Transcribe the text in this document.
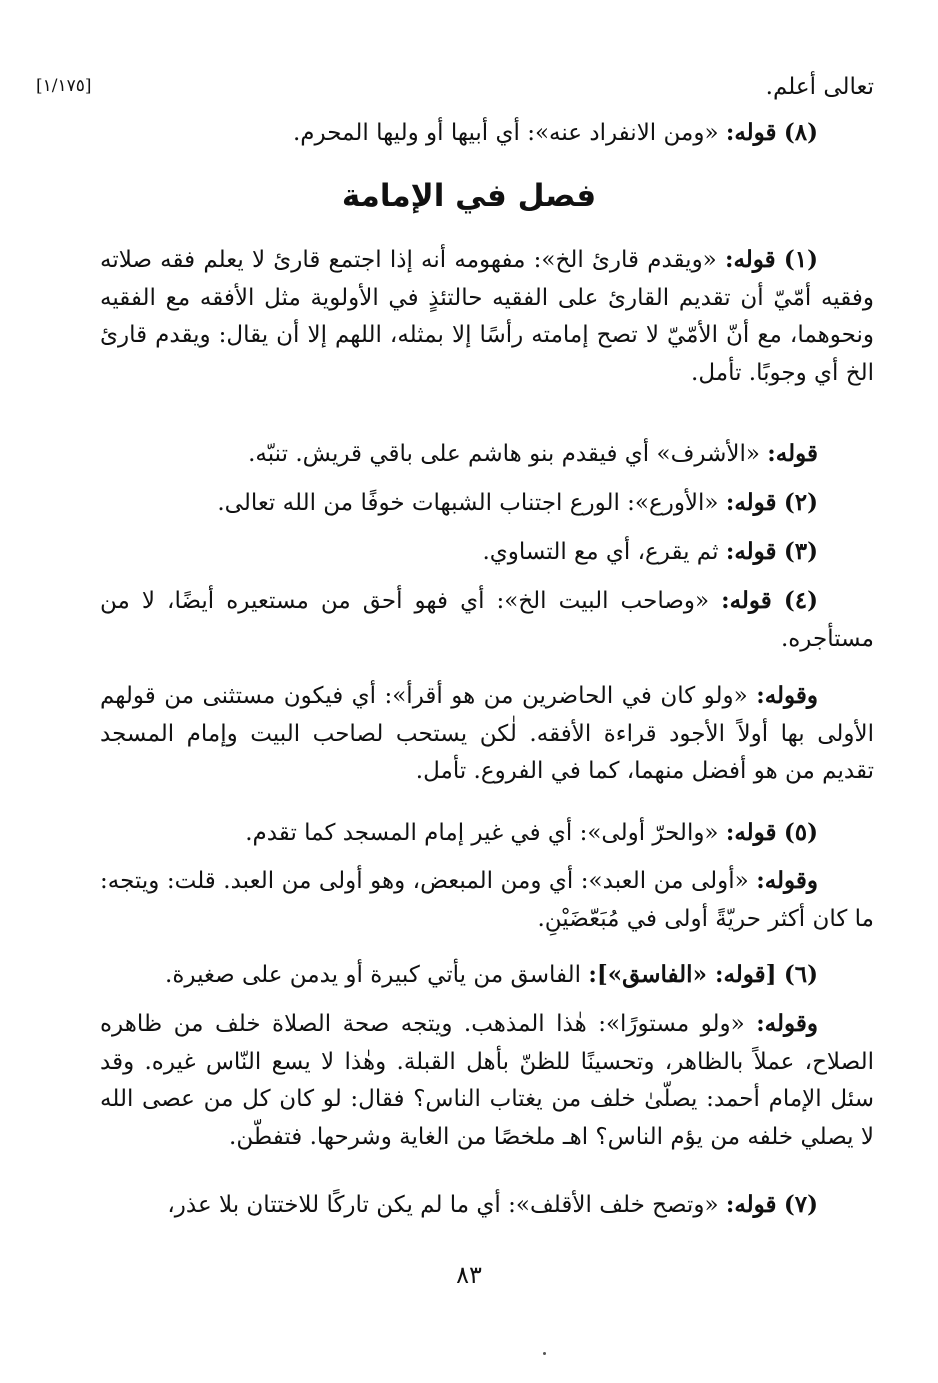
[١/١٧٥]	تعالى أعلم.
(٨) قوله: «ومن الانفراد عنه»: أي أبيها أو وليها المحرم.
فصل في الإمامة
(١) قوله: «ويقدم قارئ الخ»: مفهومه أنه إذا اجتمع قارئ لا يعلم فقه صلاته وفقيه أمّيّ أن تقديم القارئ على الفقيه حالتئذٍ في الأولوية مثل الأفقه مع الفقيه ونحوهما، مع أنّ الأمّيّ لا تصح إمامته رأسًا إلا بمثله، اللهم إلا أن يقال: ويقدم قارئ الخ أي وجوبًا. تأمل.
قوله: «الأشرف» أي فيقدم بنو هاشم على باقي قريش. تنبّه.
(٢) قوله: «الأورع»: الورع اجتناب الشبهات خوفًا من الله تعالى.
(٣) قوله: ثم يقرع، أي مع التساوي.
(٤) قوله: «وصاحب البيت الخ»: أي فهو أحق من مستعيره أيضًا، لا من مستأجره.
وقوله: «ولو كان في الحاضرين من هو أقرأ»: أي فيكون مستثنى من قولهم الأولى بها أولاً الأجود قراءة الأفقه. لٰكن يستحب لصاحب البيت وإمام المسجد تقديم من هو أفضل منهما، كما في الفروع. تأمل.
(٥) قوله: «والحرّ أولى»: أي في غير إمام المسجد كما تقدم.
وقوله: «أولى من العبد»: أي ومن المبعض، وهو أولى من العبد. قلت: ويتجه: ما كان أكثر حريّةً أولى في مُبَعّضَيْنِ.
(٦) [قوله: «الفاسق»]: الفاسق من يأتي كبيرة أو يدمن على صغيرة.
وقوله: «ولو مستورًا»: هٰذا المذهب. ويتجه صحة الصلاة خلف من ظاهره الصلاح، عملاً بالظاهر، وتحسينًا للظنّ بأهل القبلة. وهٰذا لا يسع النّاس غيره. وقد سئل الإمام أحمد: يصلّىٰ خلف من يغتاب الناس؟ فقال: لو كان كل من عصى الله لا يصلي خلفه من يؤم الناس؟ اهـ ملخصًا من الغاية وشرحها. فتفطّن.
(٧) قوله: «وتصح خلف الأقلف»: أي ما لم يكن تاركًا للاختتان بلا عذر،
٨٣
